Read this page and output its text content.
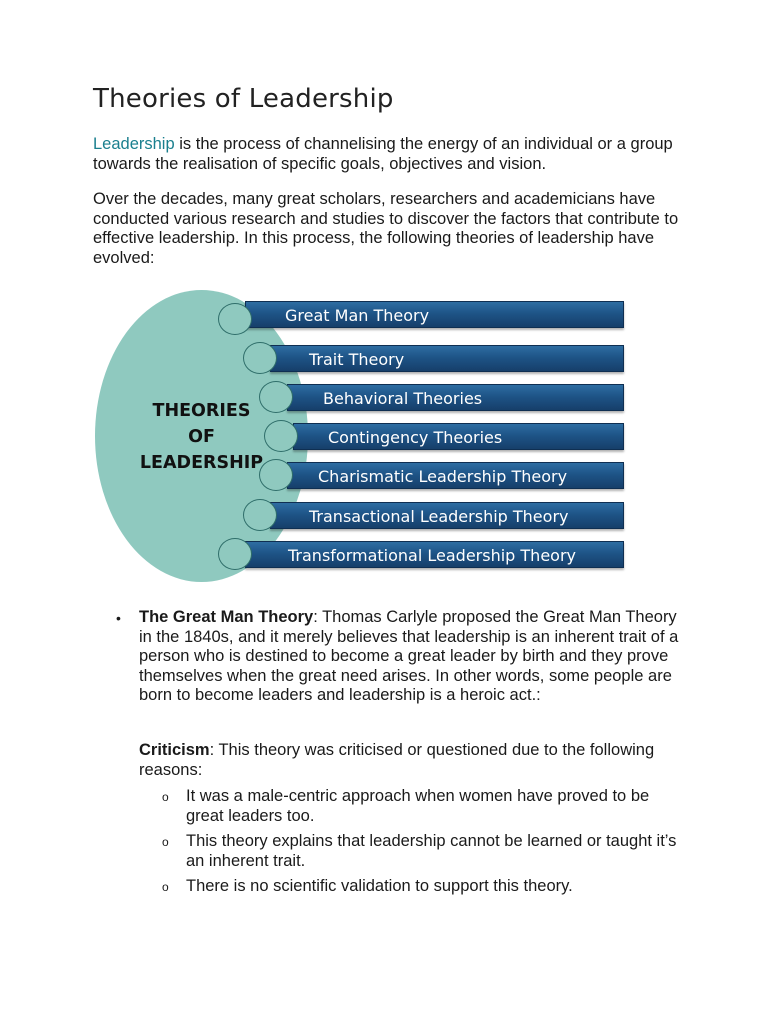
Theories of Leadership

Leadership is the process of channelising the energy of an individual or a group towards the realisation of specific goals, objectives and vision.

Over the decades, many great scholars, researchers and academicians have conducted various research and studies to discover the factors that contribute to effective leadership. In this process, the following theories of leadership have evolved:

Great Man Theory
Trait Theory
Behavioral Theories
Contingency Theories
Charismatic Leadership Theory
Transactional Leadership Theory
Transformational Leadership Theory

THEORIES
OF
LEADERSHIP

• The Great Man Theory: Thomas Carlyle proposed the Great Man Theory in the 1840s, and it merely believes that leadership is an inherent trait of a person who is destined to become a great leader by birth and they prove themselves when the great need arises. In other words, some people are born to become leaders and leadership is a heroic act.:

Criticism: This theory was criticised or questioned due to the following reasons:

o It was a male-centric approach when women have proved to be great leaders too.

o This theory explains that leadership cannot be learned or taught it’s an inherent trait.

o There is no scientific validation to support this theory.
